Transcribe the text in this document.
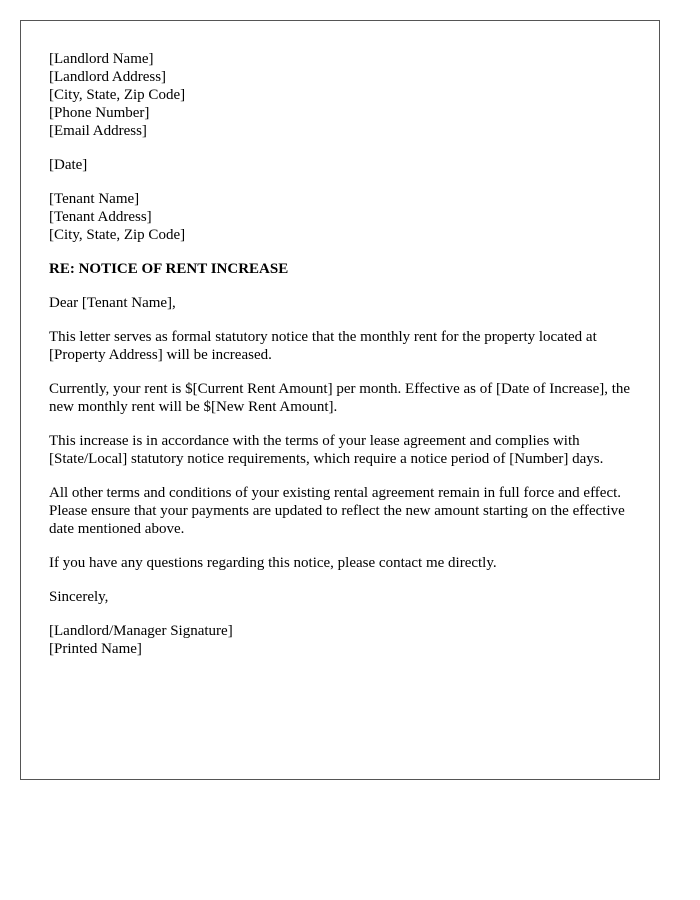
[Landlord Name]
[Landlord Address]
[City, State, Zip Code]
[Phone Number]
[Email Address]
[Date]
[Tenant Name]
[Tenant Address]
[City, State, Zip Code]
RE: NOTICE OF RENT INCREASE
Dear [Tenant Name],
This letter serves as formal statutory notice that the monthly rent for the property located at [Property Address] will be increased.
Currently, your rent is $[Current Rent Amount] per month. Effective as of [Date of Increase], the new monthly rent will be $[New Rent Amount].
This increase is in accordance with the terms of your lease agreement and complies with [State/Local] statutory notice requirements, which require a notice period of [Number] days.
All other terms and conditions of your existing rental agreement remain in full force and effect. Please ensure that your payments are updated to reflect the new amount starting on the effective date mentioned above.
If you have any questions regarding this notice, please contact me directly.
Sincerely,
[Landlord/Manager Signature]
[Printed Name]
